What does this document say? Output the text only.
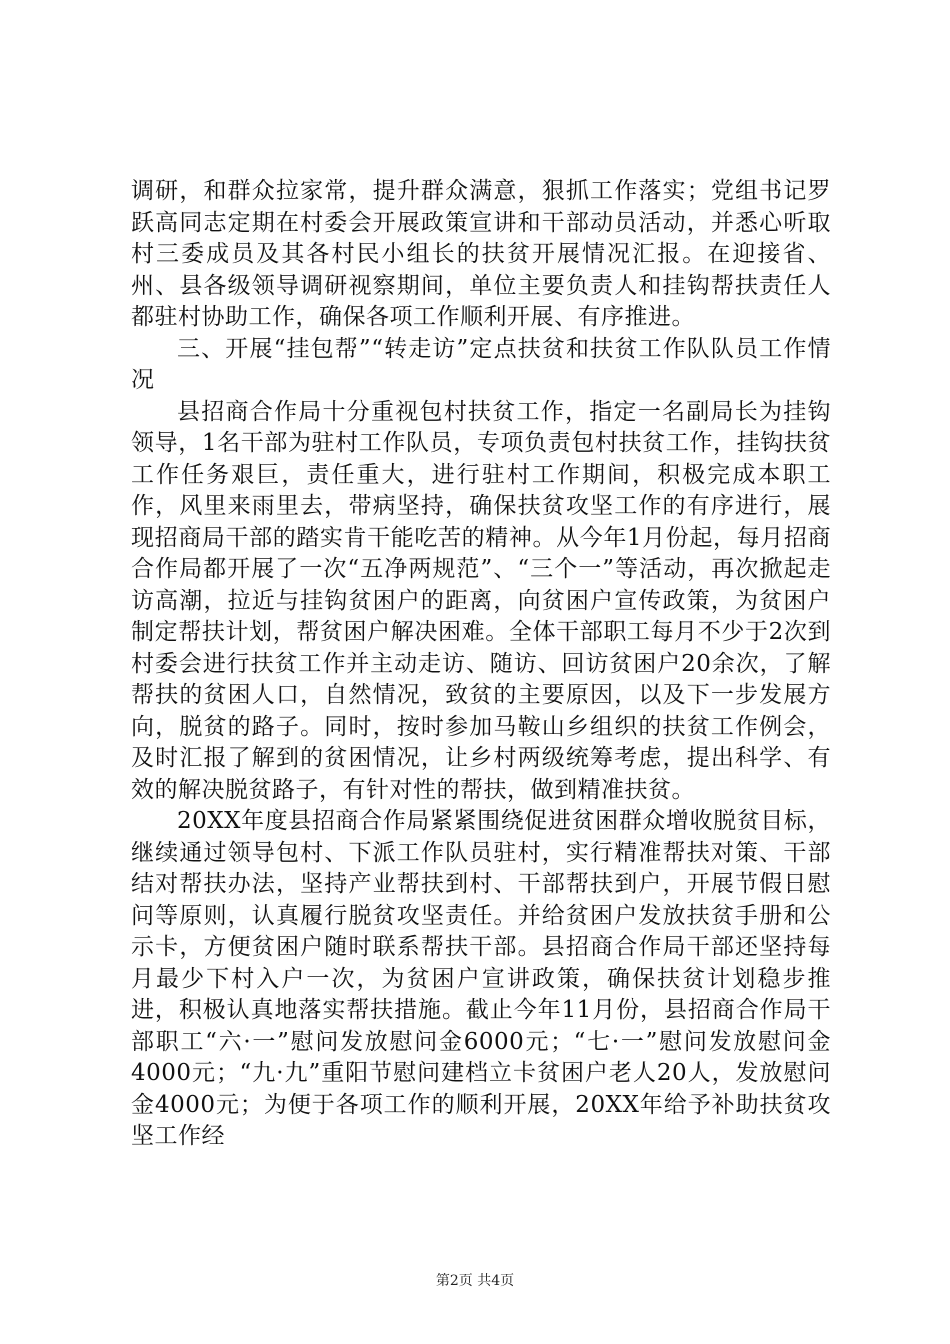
调研，和群众拉家常，提升群众满意，狠抓工作落实；党组书记罗跃高同志定期在村委会开展政策宣讲和干部动员活动，并悉心听取村三委成员及其各村民小组长的扶贫开展情况汇报。在迎接省、州、县各级领导调研视察期间，单位主要负责人和挂钩帮扶责任人都驻村协助工作，确保各项工作顺利开展、有序推进。

三、开展“挂包帮”“转走访”定点扶贫和扶贫工作队队员工作情况

县招商合作局十分重视包村扶贫工作，指定一名副局长为挂钩领导，1名干部为驻村工作队员，专项负责包村扶贫工作，挂钩扶贫工作任务艰巨，责任重大，进行驻村工作期间，积极完成本职工作，风里来雨里去，带病坚持，确保扶贫攻坚工作的有序进行，展现招商局干部的踏实肯干能吃苦的精神。从今年1月份起，每月招商合作局都开展了一次“五净两规范”、“三个一”等活动，再次掀起走访高潮，拉近与挂钩贫困户的距离，向贫困户宣传政策，为贫困户制定帮扶计划，帮贫困户解决困难。全体干部职工每月不少于2次到村委会进行扶贫工作并主动走访、随访、回访贫困户20余次，了解帮扶的贫困人口，自然情况，致贫的主要原因，以及下一步发展方向，脱贫的路子。同时，按时参加马鞍山乡组织的扶贫工作例会，及时汇报了解到的贫困情况，让乡村两级统筹考虑，提出科学、有效的解决脱贫路子，有针对性的帮扶，做到精准扶贫。

20XX年度县招商合作局紧紧围绕促进贫困群众增收脱贫目标，继续通过领导包村、下派工作队员驻村，实行精准帮扶对策、干部结对帮扶办法，坚持产业帮扶到村、干部帮扶到户，开展节假日慰问等原则，认真履行脱贫攻坚责任。并给贫困户发放扶贫手册和公示卡，方便贫困户随时联系帮扶干部。县招商合作局干部还坚持每月最少下村入户一次，为贫困户宣讲政策，确保扶贫计划稳步推进，积极认真地落实帮扶措施。截止今年11月份，县招商合作局干部职工“六·一”慰问发放慰问金6000元；“七·一”慰问发放慰问金4000元；“九·九”重阳节慰问建档立卡贫困户老人20人，发放慰问金4000元；为便于各项工作的顺利开展，20XX年给予补助扶贫攻坚工作经

第2页 共4页
